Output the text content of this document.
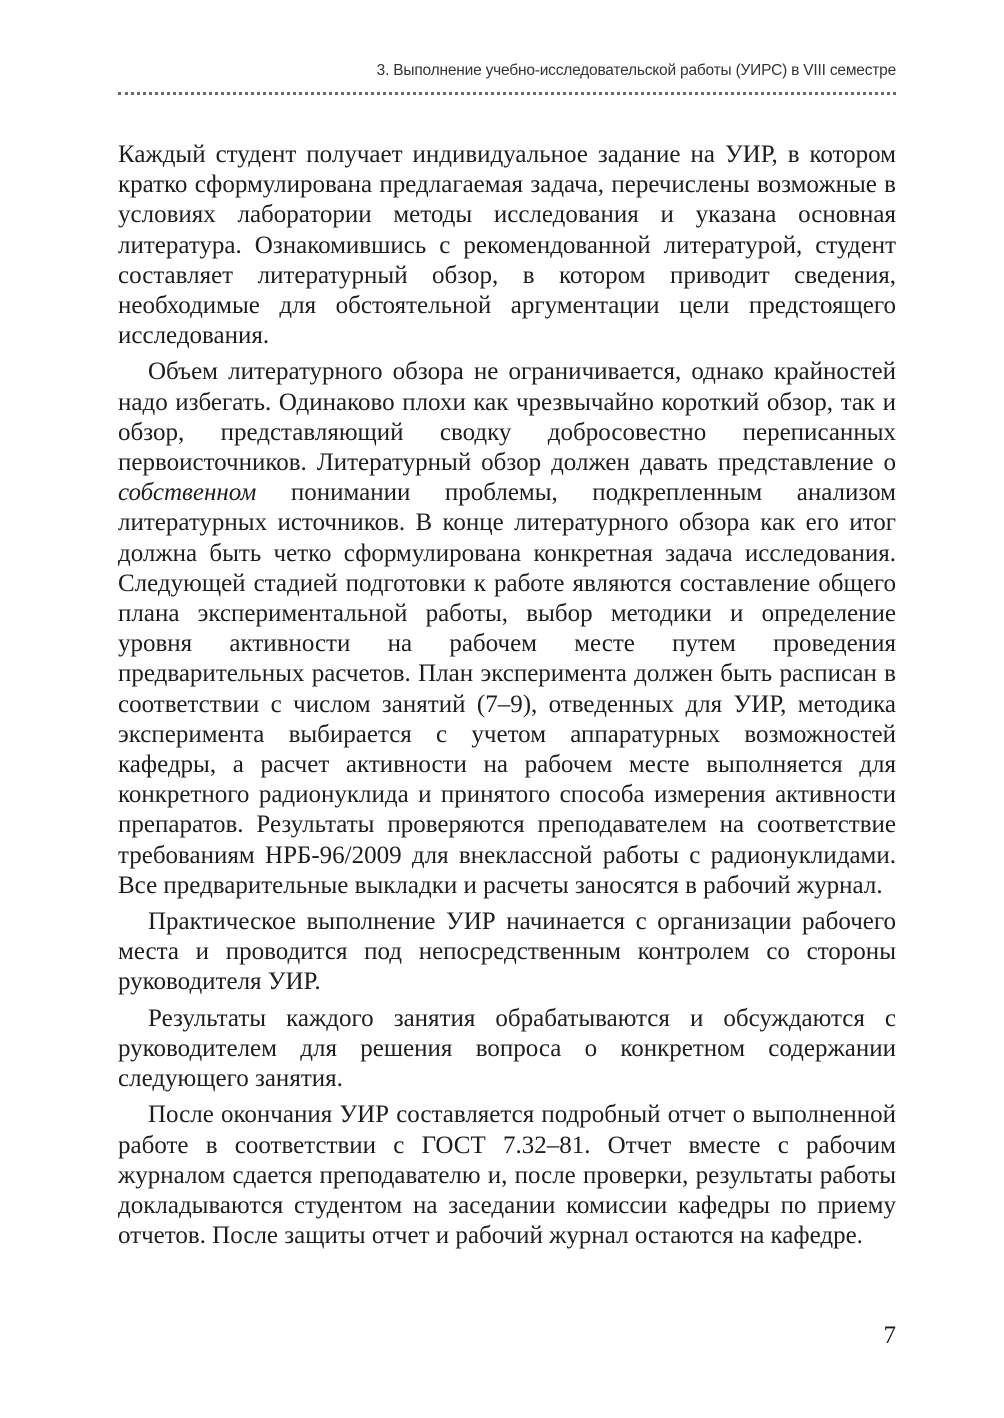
3. Выполнение учебно-исследовательской работы (УИРС) в VIII семестре

Каждый студент получает индивидуальное задание на УИР, в котором кратко сформулирована предлагаемая задача, перечислены возможные в условиях лаборатории методы исследования и указана основная литература. Ознакомившись с рекомендованной литературой, студент составляет литературный обзор, в котором приводит сведения, необходимые для обстоятельной аргументации цели предстоящего исследования.

Объем литературного обзора не ограничивается, однако крайностей надо избегать. Одинаково плохи как чрезвычайно короткий обзор, так и обзор, представляющий сводку добросовестно переписанных первоисточников. Литературный обзор должен давать представление о собственном понимании проблемы, подкрепленным анализом литературных источников. В конце литературного обзора как его итог должна быть четко сформулирована конкретная задача исследования. Следующей стадией подготовки к работе являются составление общего плана экспериментальной работы, выбор методики и определение уровня активности на рабочем месте путем проведения предварительных расчетов. План эксперимента должен быть расписан в соответствии с числом занятий (7–9), отведенных для УИР, методика эксперимента выбирается с учетом аппаратурных возможностей кафедры, а расчет активности на рабочем месте выполняется для конкретного радионуклида и принятого способа измерения активности препаратов. Результаты проверяются преподавателем на соответствие требованиям НРБ-96/2009 для внеклассной работы с радионуклидами. Все предварительные выкладки и расчеты заносятся в рабочий журнал.

Практическое выполнение УИР начинается с организации рабочего места и проводится под непосредственным контролем со стороны руководителя УИР.

Результаты каждого занятия обрабатываются и обсуждаются с руководителем для решения вопроса о конкретном содержании следующего занятия.

После окончания УИР составляется подробный отчет о выполненной работе в соответствии с ГОСТ 7.32–81. Отчет вместе с рабочим журналом сдается преподавателю и, после проверки, результаты работы докладываются студентом на заседании комиссии кафедры по приему отчетов. После защиты отчет и рабочий журнал остаются на кафедре.

7
